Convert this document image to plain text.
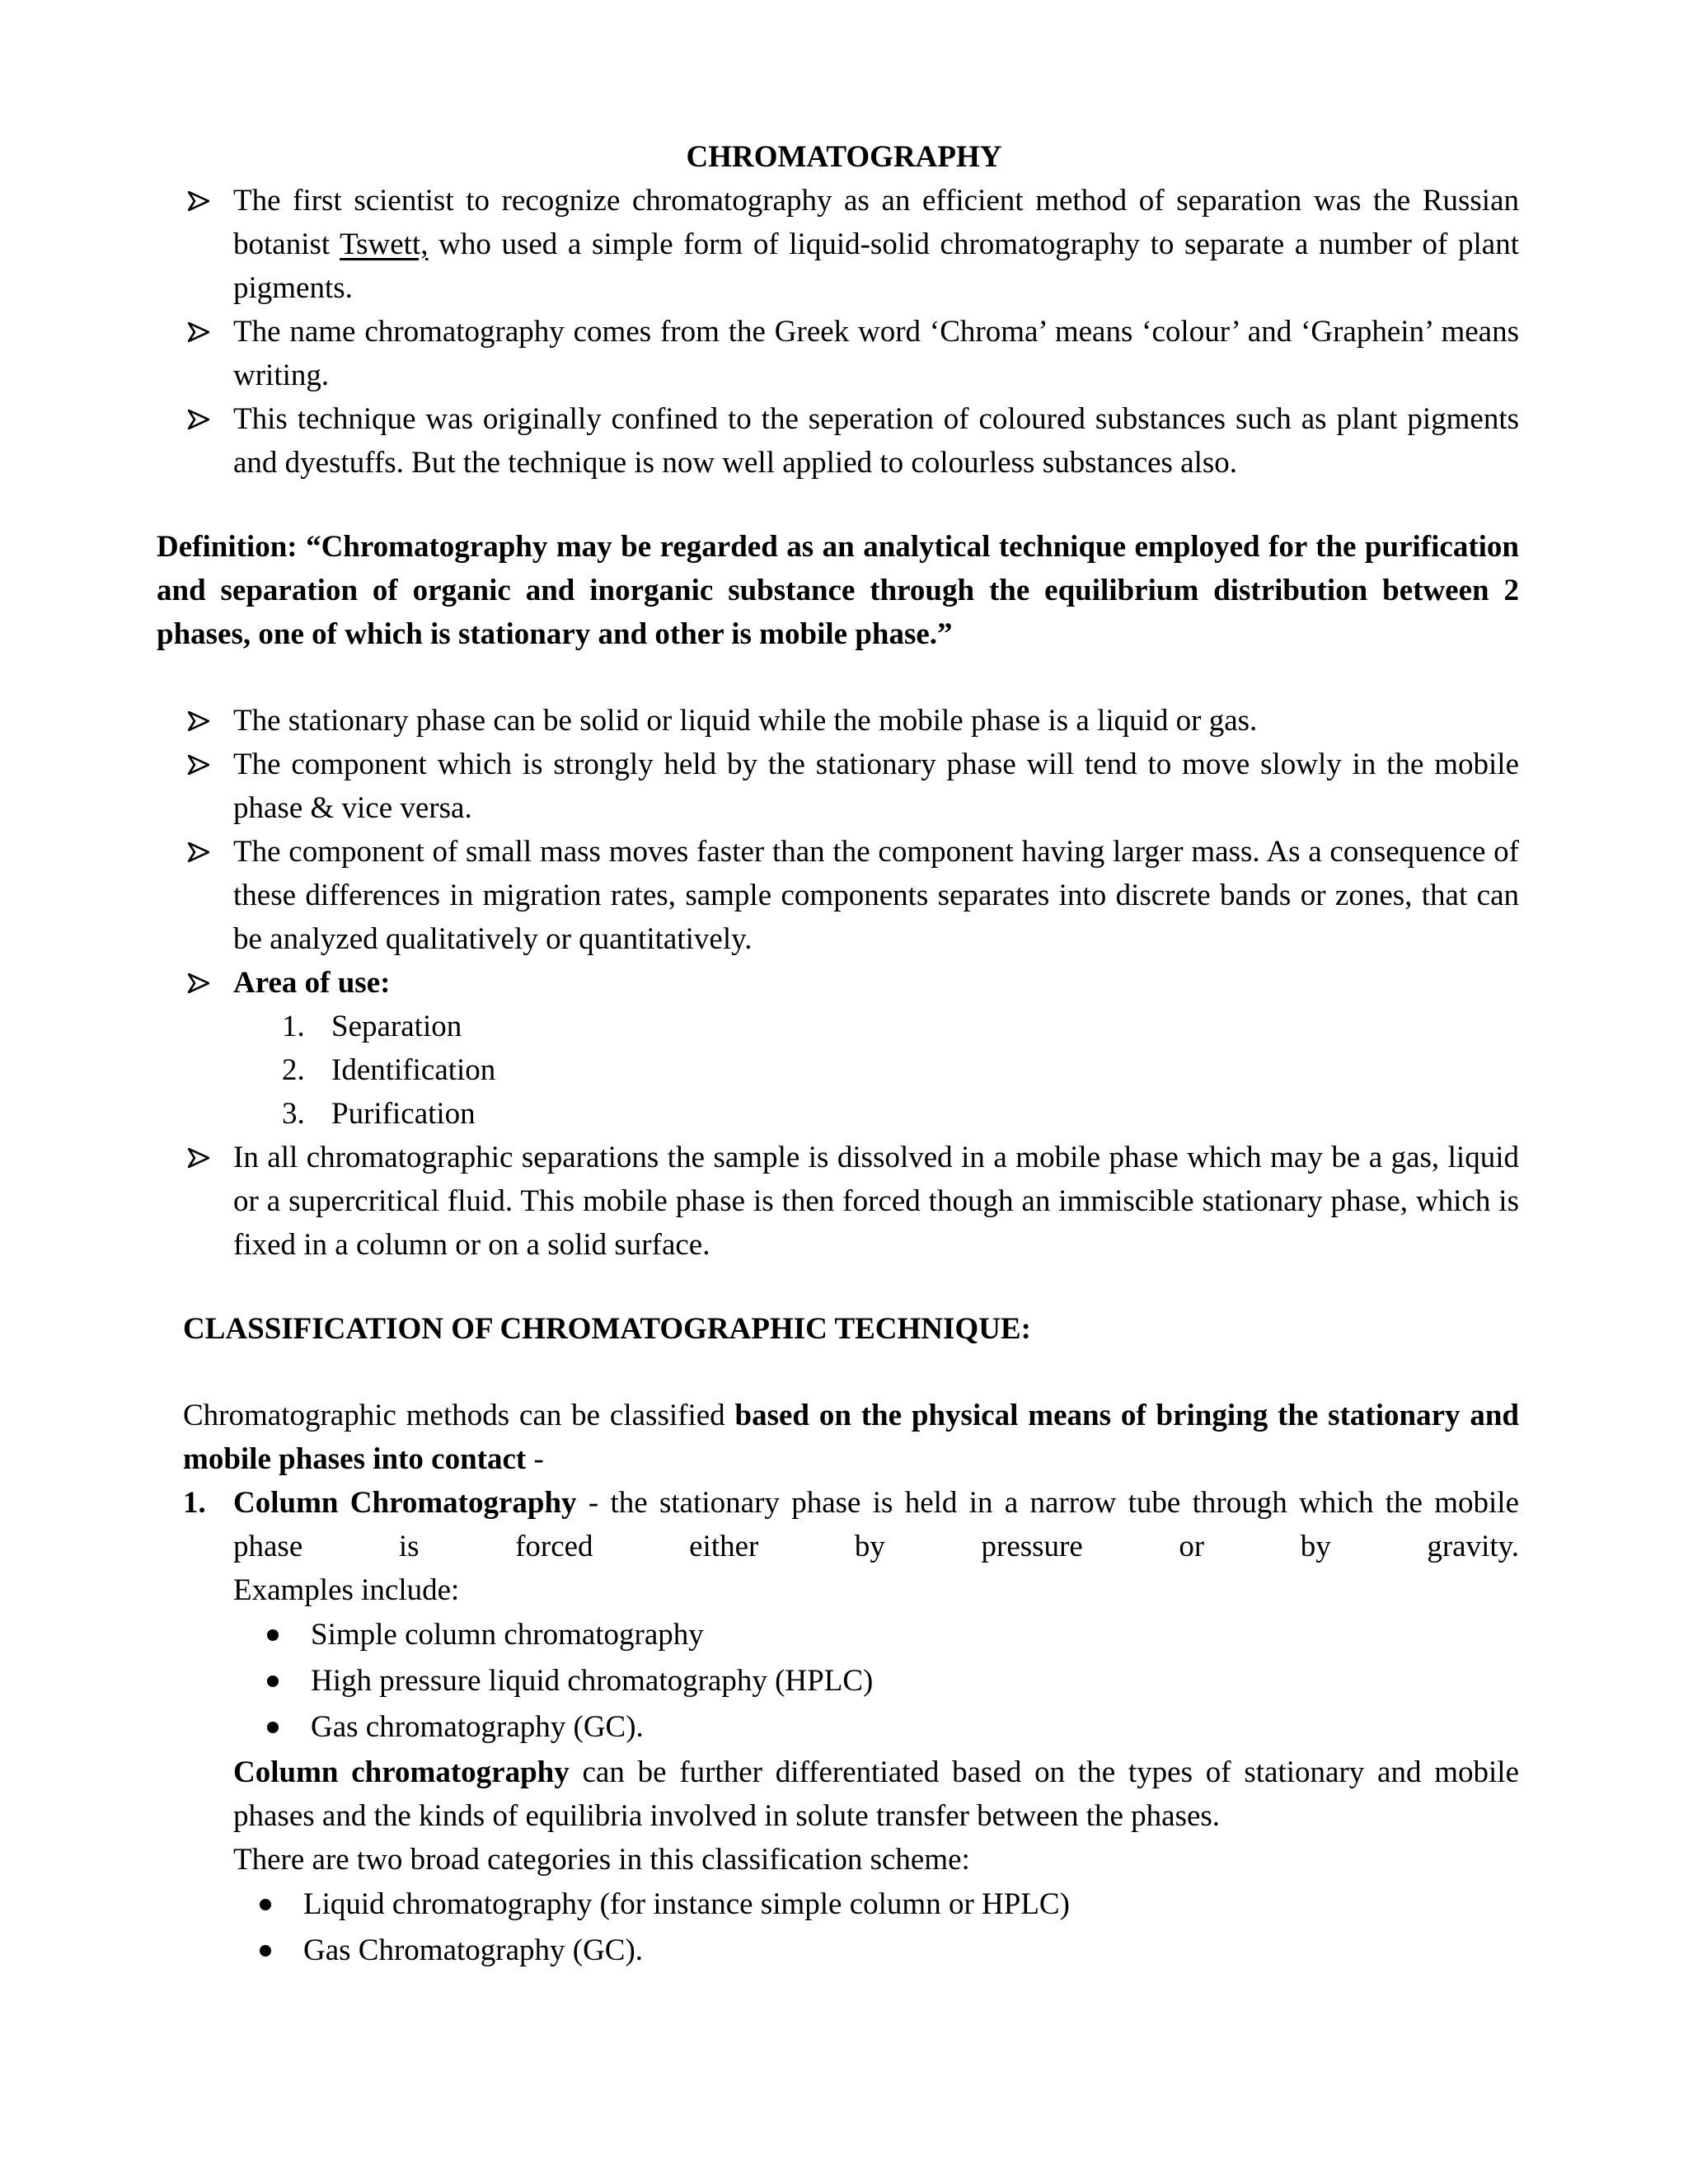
CHROMATOGRAPHY
The first scientist to recognize chromatography as an efficient method of separation was the Russian botanist Tswett, who used a simple form of liquid-solid chromatography to separate a number of plant pigments.
The name chromatography comes from the Greek word ‘Chroma’ means ‘colour’ and ‘Graphein’ means writing.
This technique was originally confined to the seperation of coloured substances such as plant pigments and dyestuffs. But the technique is now well applied to colourless substances also.
Definition: “Chromatography may be regarded as an analytical technique employed for the purification and separation of organic and inorganic substance through the equilibrium distribution between 2 phases, one of which is stationary and other is mobile phase.”
The stationary phase can be solid or liquid while the mobile phase is a liquid or gas.
The component which is strongly held by the stationary phase will tend to move slowly in the mobile phase & vice versa.
The component of small mass moves faster than the component having larger mass. As a consequence of these differences in migration rates, sample components separates into discrete bands or zones, that can be analyzed qualitatively or quantitatively.
Area of use:
1. Separation
2. Identification
3. Purification
In all chromatographic separations the sample is dissolved in a mobile phase which may be a gas, liquid or a supercritical fluid. This mobile phase is then forced though an immiscible stationary phase, which is fixed in a column or on a solid surface.
CLASSIFICATION OF CHROMATOGRAPHIC TECHNIQUE:
Chromatographic methods can be classified based on the physical means of bringing the stationary and mobile phases into contact -
1. Column Chromatography - the stationary phase is held in a narrow tube through which the mobile phase is forced either by pressure or by gravity.
Examples include:
Simple column chromatography
High pressure liquid chromatography (HPLC)
Gas chromatography (GC).
Column chromatography can be further differentiated based on the types of stationary and mobile phases and the kinds of equilibria involved in solute transfer between the phases.
There are two broad categories in this classification scheme:
Liquid chromatography (for instance simple column or HPLC)
Gas Chromatography (GC).
